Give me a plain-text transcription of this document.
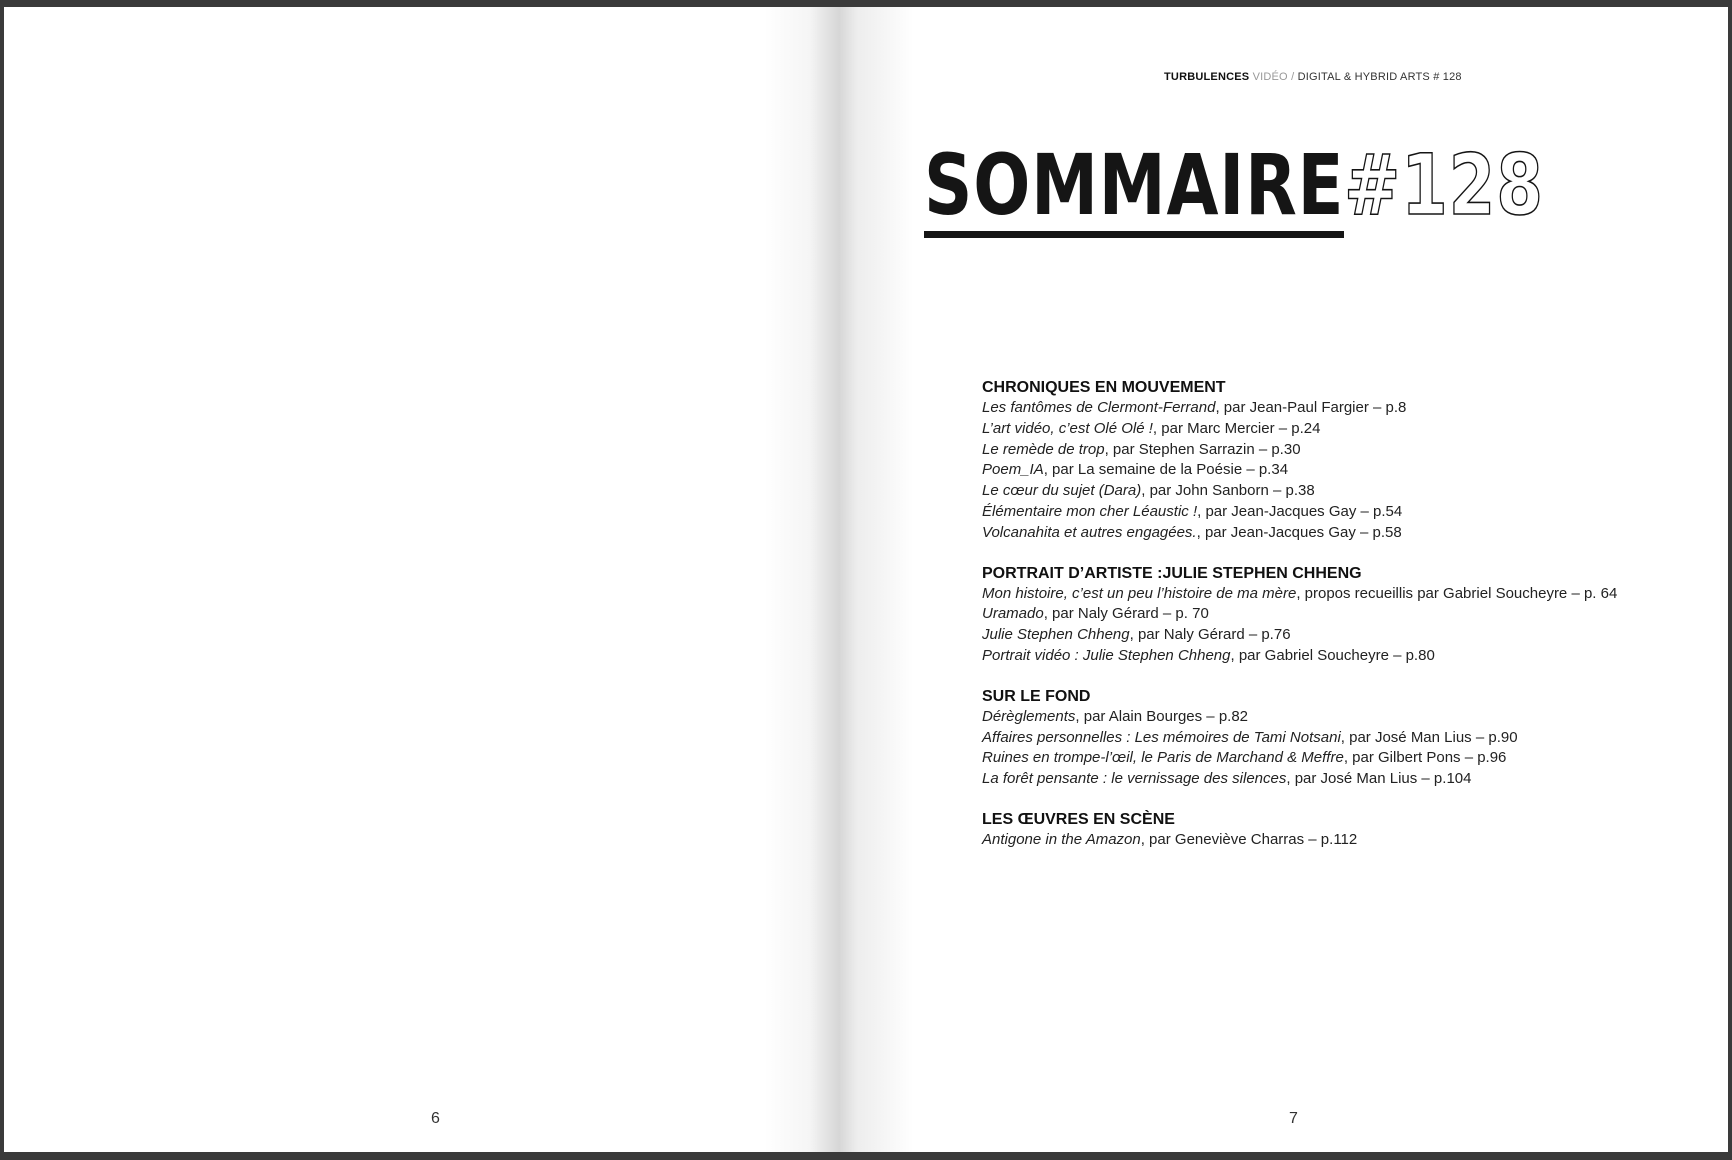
TURBULENCES VIDÉO / DIGITAL & HYBRID ARTS # 128
SOMMAIRE #128
CHRONIQUES EN MOUVEMENT
Les fantômes de Clermont-Ferrand, par Jean-Paul Fargier – p.8
L’art vidéo, c’est Olé Olé !, par Marc Mercier – p.24
Le remède de trop, par Stephen Sarrazin – p.30
Poem_IA, par La semaine de la Poésie – p.34
Le cœur du sujet (Dara), par John Sanborn – p.38
Élémentaire mon cher Léaustic !, par Jean-Jacques Gay – p.54
Volcanahita et autres engagées., par Jean-Jacques Gay – p.58
PORTRAIT D’ARTISTE :JULIE STEPHEN CHHENG
Mon histoire, c’est un peu l’histoire de ma mère, propos recueillis par Gabriel Soucheyre – p. 64
Uramado, par Naly Gérard – p. 70
Julie Stephen Chheng, par Naly Gérard – p.76
Portrait vidéo : Julie Stephen Chheng, par Gabriel Soucheyre – p.80
SUR LE FOND
Dérèglements, par Alain Bourges – p.82
Affaires personnelles : Les mémoires de Tami Notsani, par José Man Lius – p.90
Ruines en trompe-l’œil, le Paris de Marchand & Meffre, par Gilbert Pons – p.96
La forêt pensante : le vernissage des silences, par José Man Lius – p.104
LES ŒUVRES EN SCÈNE
Antigone in the Amazon, par Geneviève Charras – p.112
6	7
